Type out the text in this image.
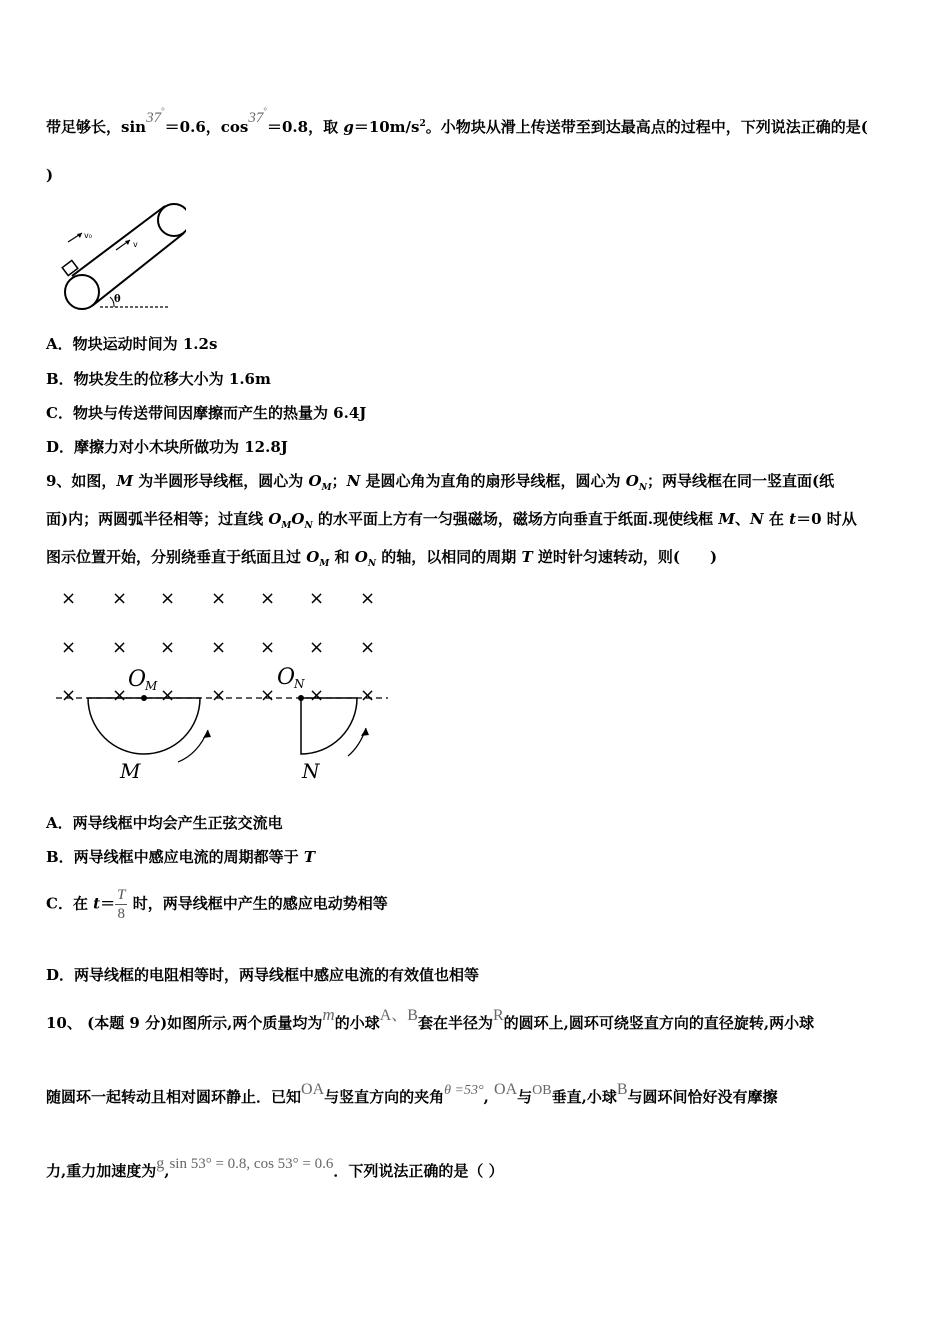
带足够长，sin37°＝0.6，cos37°＝0.8，取 $g=10m/s^2$。小物块从滑上传送带至到达最高点的过程中，下列说法正确的是(
)
v₀
v
θ
A．物块运动时间为 1.2s
B．物块发生的位移大小为 1.6m
C．物块与传送带间因摩擦而产生的热量为 6.4J
D．摩擦力对小木块所做功为 12.8J
9、如图，M 为半圆形导线框，圆心为 $O_M$；N 是圆心角为直角的扇形导线框，圆心为 $O_N$；两导线框在同一竖直面(纸
面)内；两圆弧半径相等；过直线 $O_MO_N$ 的水平面上方有一匀强磁场，磁场方向垂直于纸面.现使线框 M、N 在 t＝0 时从
图示位置开始，分别绕垂直于纸面且过 $O_M$ 和 $O_N$ 的轴，以相同的周期 T 逆时针匀速转动，则(　　)
× × × × × × ×
× × × × × × ×
× × × × × × ×
O
M	O
N
M	N
A．两导线框中均会产生正弦交流电
B．两导线框中感应电流的周期都等于 T
C．在 $t= \frac{T}{8}$ 时，两导线框中产生的感应电动势相等
D．两导线框的电阻相等时，两导线框中感应电流的有效值也相等
10、 (本题 9 分)如图所示,两个质量均为m的小球A、B套在半径为R的圆环上,圆环可绕竖直方向的直径旋转,两小球
随圆环一起转动且相对圆环静止．已知OA与竖直方向的夹角θ =53°, OA与OB垂直,小球B与圆环间恰好没有摩擦
力,重力加速度为g,sin 53° = 0.8, cos 53° = 0.6．下列说法正确的是（ ）
